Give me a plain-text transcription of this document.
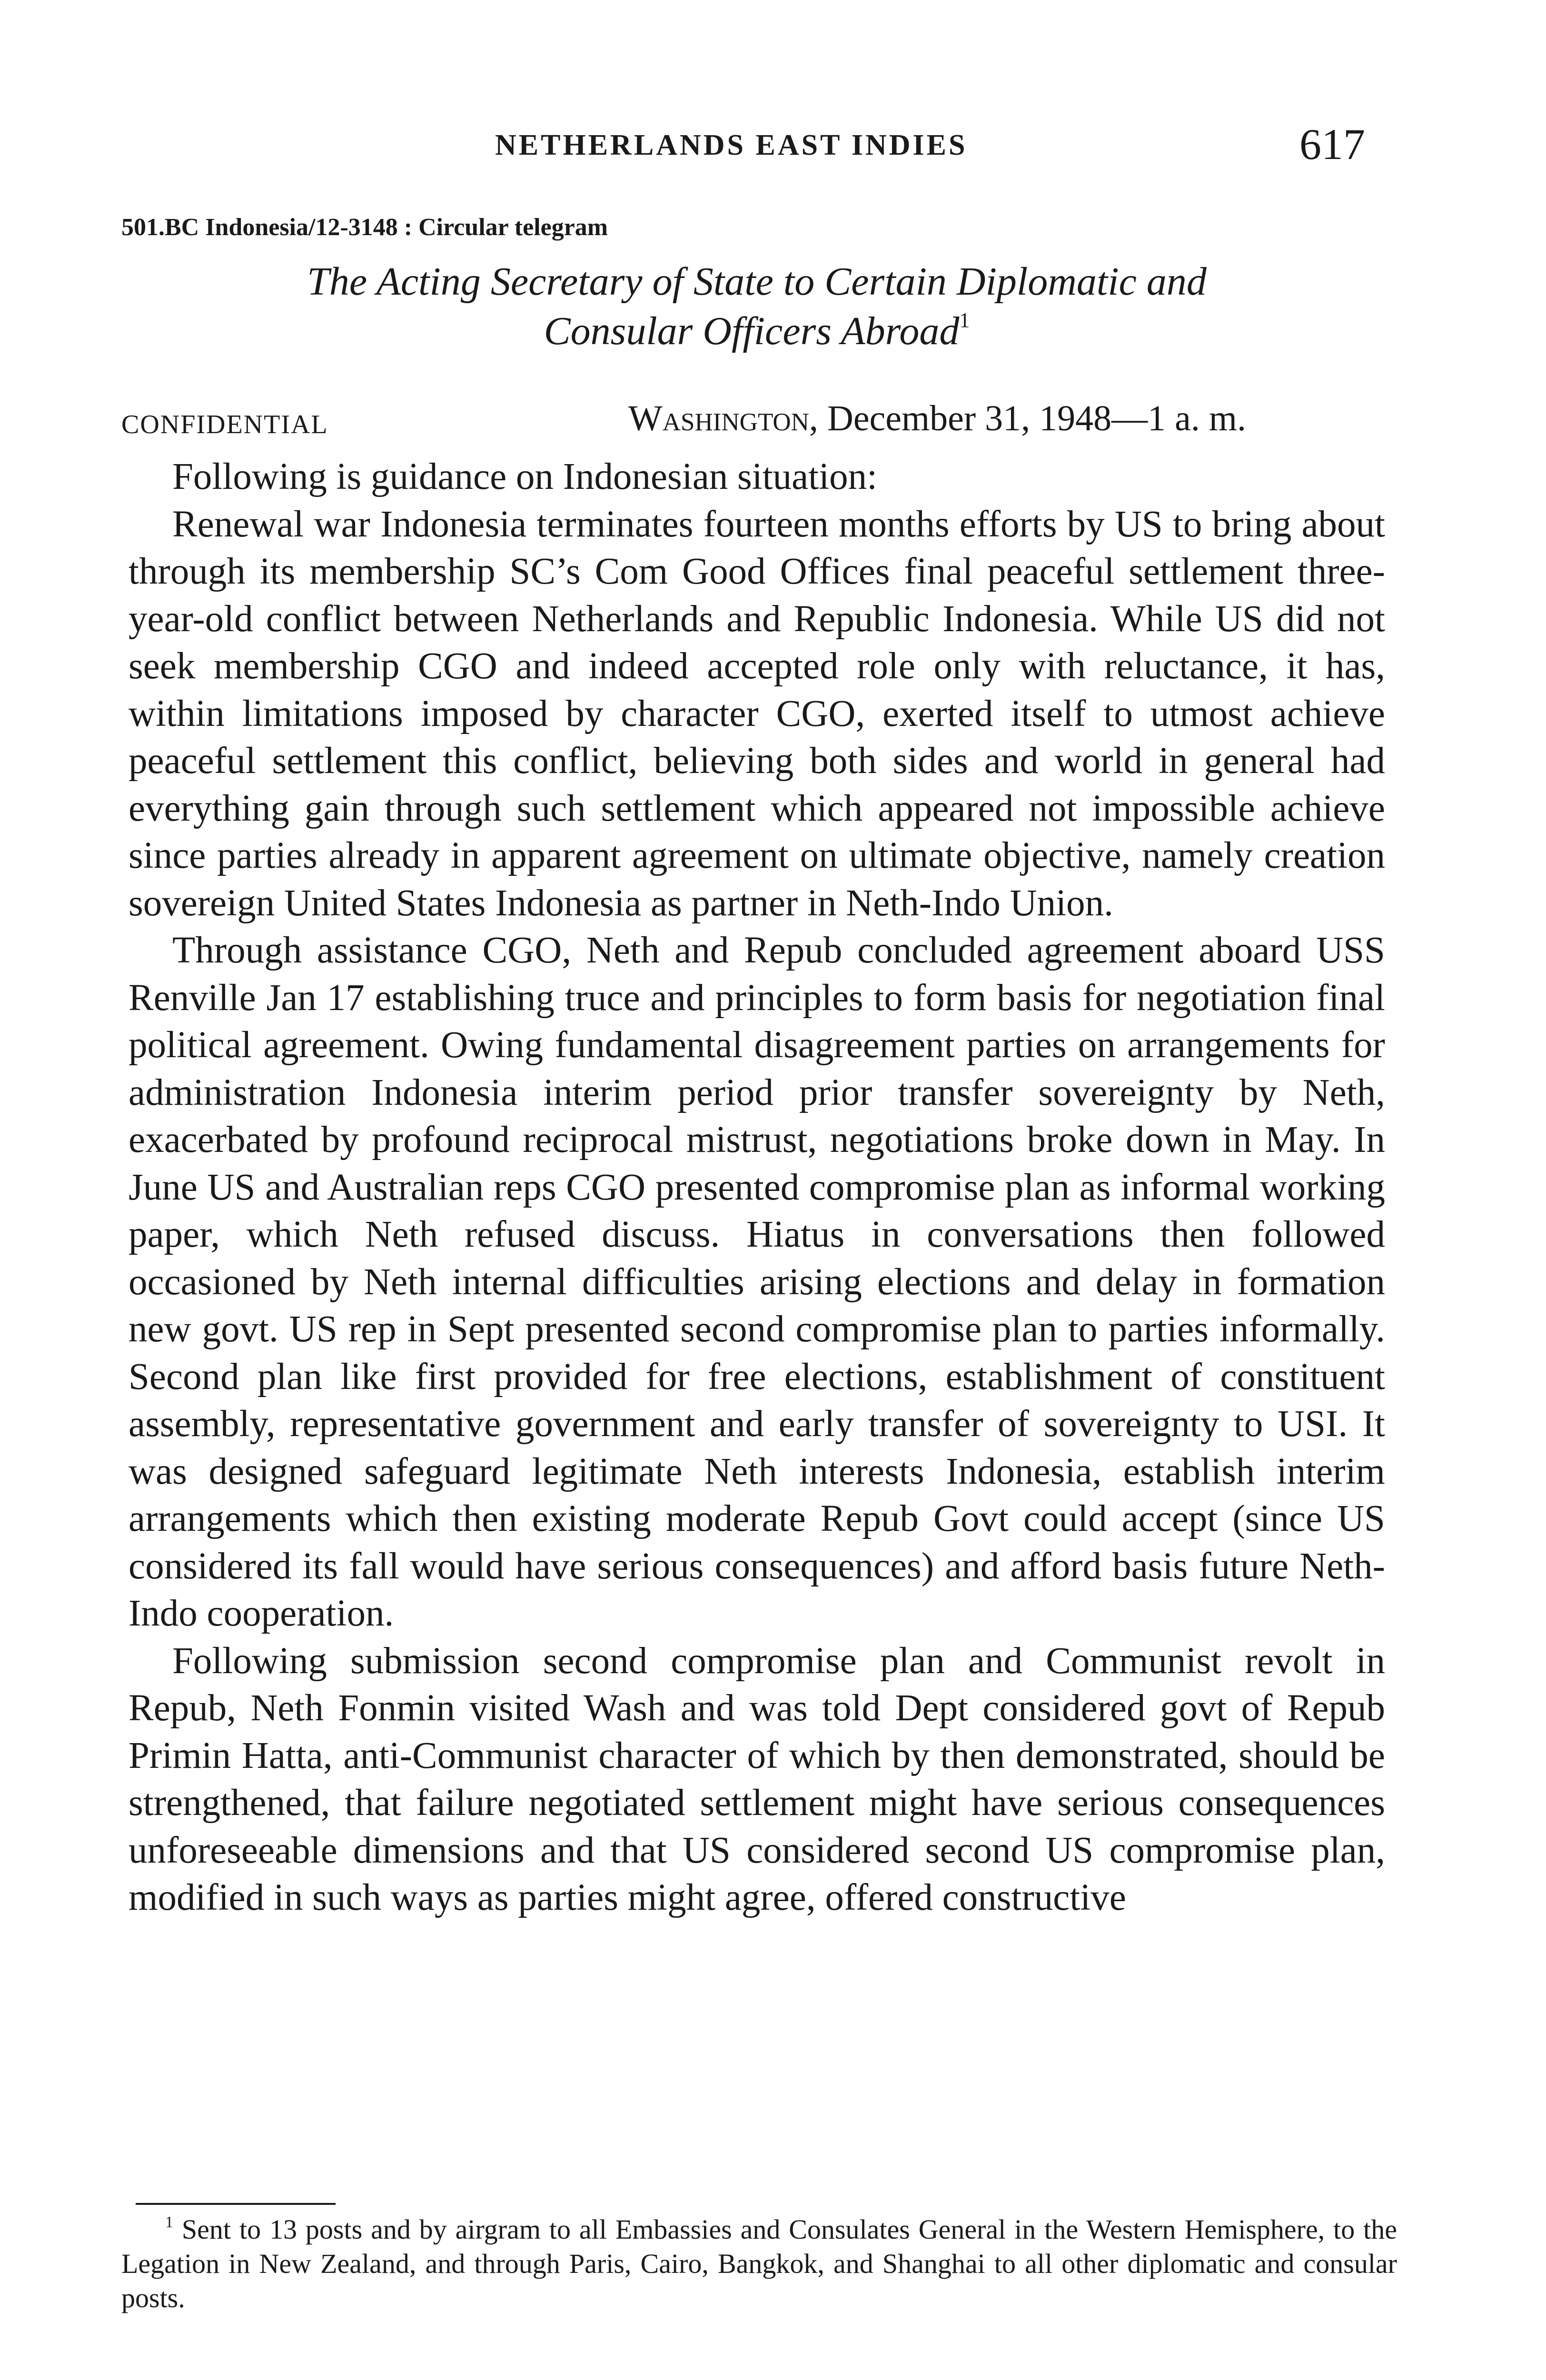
NETHERLANDS EAST INDIES	617
501.BC Indonesia/12-3148 : Circular telegram
The Acting Secretary of State to Certain Diplomatic and
Consular Officers Abroad$^1$
CONFIDENTIAL	Washington, December 31, 1948—1 a. m.

Following is guidance on Indonesian situation:

Renewal war Indonesia terminates fourteen months efforts by US to bring about through its membership SC’s Com Good Offices final peaceful settlement three-year-old conflict between Netherlands and Republic Indonesia. While US did not seek membership CGO and indeed accepted role only with reluctance, it has, within limitations imposed by character CGO, exerted itself to utmost achieve peaceful settlement this conflict, believing both sides and world in general had everything gain through such settlement which appeared not impossible achieve since parties already in apparent agreement on ultimate objective, namely creation sovereign United States Indonesia as partner in Neth-Indo Union.

Through assistance CGO, Neth and Repub concluded agreement aboard USS Renville Jan 17 establishing truce and principles to form basis for negotiation final political agreement. Owing fundamental disagreement parties on arrangements for administration Indonesia interim period prior transfer sovereignty by Neth, exacerbated by profound reciprocal mistrust, negotiations broke down in May. In June US and Australian reps CGO presented compromise plan as informal working paper, which Neth refused discuss. Hiatus in conversations then followed occasioned by Neth internal difficulties arising elections and delay in formation new govt. US rep in Sept presented second compromise plan to parties informally. Second plan like first provided for free elections, establishment of constituent assembly, representative government and early transfer of sovereignty to USI. It was designed safeguard legitimate Neth interests Indonesia, establish interim arrangements which then existing moderate Repub Govt could accept (since US considered its fall would have serious consequences) and afford basis future Neth-Indo cooperation.

Following submission second compromise plan and Communist revolt in Repub, Neth Fonmin visited Wash and was told Dept considered govt of Repub Primin Hatta, anti-Communist character of which by then demonstrated, should be strengthened, that failure negotiated settlement might have serious consequences unforeseeable dimensions and that US considered second US compromise plan, modified in such ways as parties might agree, offered constructive

$^1$ Sent to 13 posts and by airgram to all Embassies and Consulates General in the Western Hemisphere, to the Legation in New Zealand, and through Paris, Cairo, Bangkok, and Shanghai to all other diplomatic and consular posts.
